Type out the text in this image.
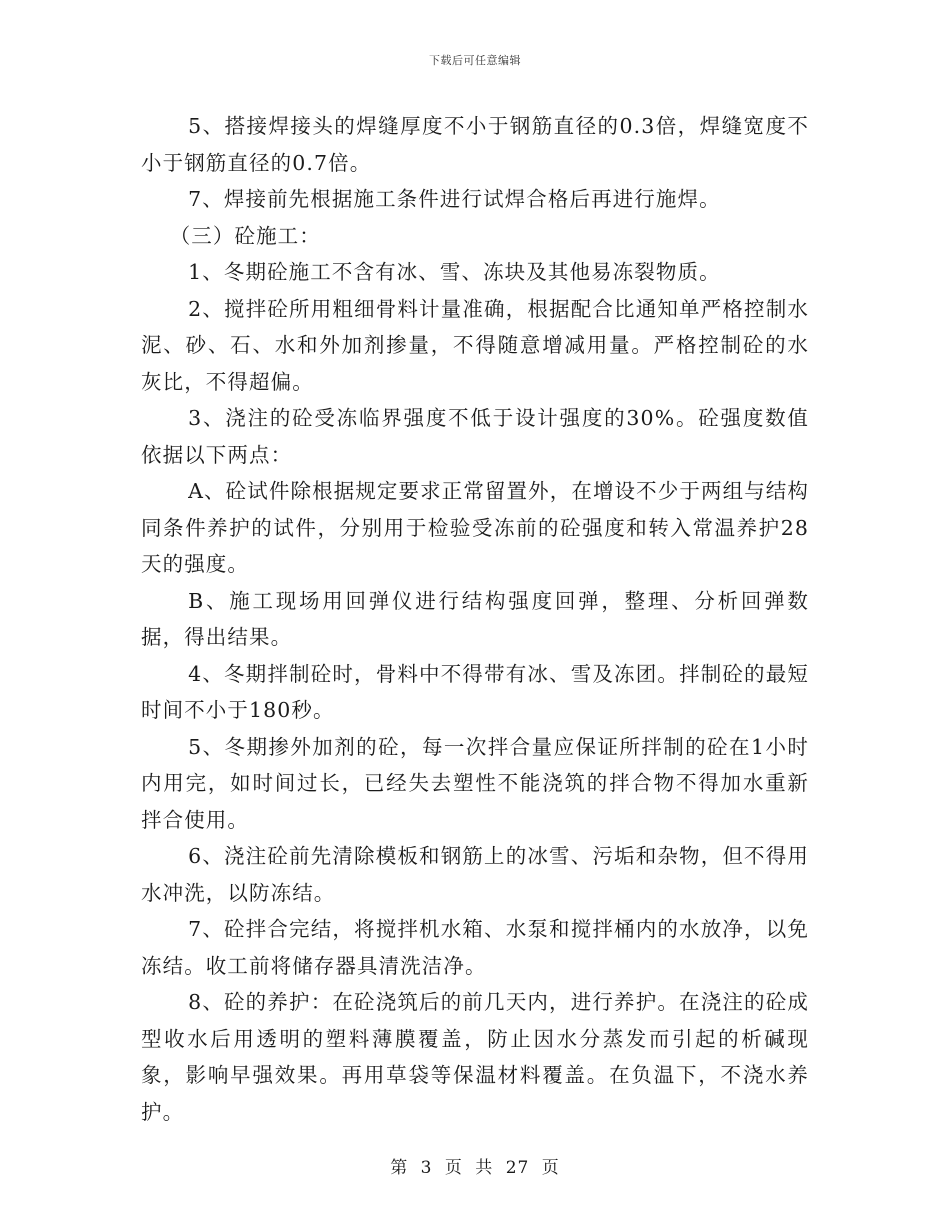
下载后可任意编辑

5、搭接焊接头的焊缝厚度不小于钢筋直径的0.3倍，焊缝宽度不小于钢筋直径的0.7倍。

7、焊接前先根据施工条件进行试焊合格后再进行施焊。

（三）砼施工：

1、冬期砼施工不含有冰、雪、冻块及其他易冻裂物质。

2、搅拌砼所用粗细骨料计量准确，根据配合比通知单严格控制水泥、砂、石、水和外加剂掺量，不得随意增减用量。严格控制砼的水灰比，不得超偏。

3、浇注的砼受冻临界强度不低于设计强度的30%。砼强度数值依据以下两点：

A、砼试件除根据规定要求正常留置外，在增设不少于两组与结构同条件养护的试件，分别用于检验受冻前的砼强度和转入常温养护28天的强度。

B、施工现场用回弹仪进行结构强度回弹，整理、分析回弹数据，得出结果。

4、冬期拌制砼时，骨料中不得带有冰、雪及冻团。拌制砼的最短时间不小于180秒。

5、冬期掺外加剂的砼，每一次拌合量应保证所拌制的砼在1小时内用完，如时间过长，已经失去塑性不能浇筑的拌合物不得加水重新拌合使用。

6、浇注砼前先清除模板和钢筋上的冰雪、污垢和杂物，但不得用水冲洗，以防冻结。

7、砼拌合完结，将搅拌机水箱、水泵和搅拌桶内的水放净，以免冻结。收工前将储存器具清洗洁净。

8、砼的养护：在砼浇筑后的前几天内，进行养护。在浇注的砼成型收水后用透明的塑料薄膜覆盖，防止因水分蒸发而引起的析碱现象，影响早强效果。再用草袋等保温材料覆盖。在负温下，不浇水养护。

第 3 页 共 27 页
